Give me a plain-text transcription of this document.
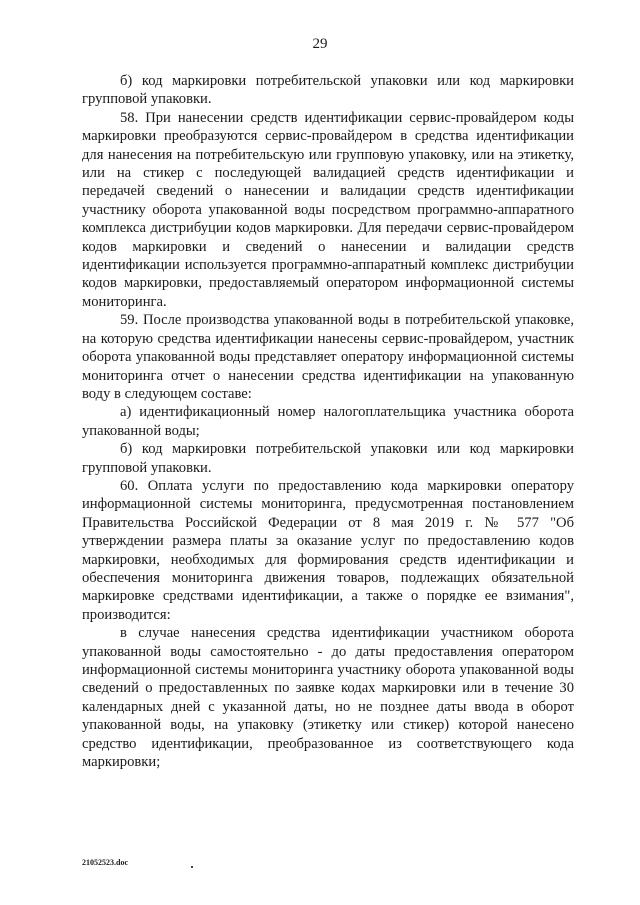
29

б) код маркировки потребительской упаковки или код маркировки групповой упаковки.

58. При нанесении средств идентификации сервис-провайдером коды маркировки преобразуются сервис-провайдером в средства идентификации для нанесения на потребительскую или групповую упаковку, или на этикетку, или на стикер с последующей валидацией средств идентификации и передачей сведений о нанесении и валидации средств идентификации участнику оборота упакованной воды посредством программно-аппаратного комплекса дистрибуции кодов маркировки. Для передачи сервис-провайдером кодов маркировки и сведений о нанесении и валидации средств идентификации используется программно-аппаратный комплекс дистрибуции кодов маркировки, предоставляемый оператором информационной системы мониторинга.

59. После производства упакованной воды в потребительской упаковке, на которую средства идентификации нанесены сервис-провайдером, участник оборота упакованной воды представляет оператору информационной системы мониторинга отчет о нанесении средства идентификации на упакованную воду в следующем составе:

а) идентификационный номер налогоплательщика участника оборота упакованной воды;

б) код маркировки потребительской упаковки или код маркировки групповой упаковки.

60. Оплата услуги по предоставлению кода маркировки оператору информационной системы мониторинга, предусмотренная постановлением Правительства Российской Федерации от 8 мая 2019 г. № 577 "Об утверждении размера платы за оказание услуг по предоставлению кодов маркировки, необходимых для формирования средств идентификации и обеспечения мониторинга движения товаров, подлежащих обязательной маркировке средствами идентификации, а также о порядке ее взимания", производится:

в случае нанесения средства идентификации участником оборота упакованной воды самостоятельно - до даты предоставления оператором информационной системы мониторинга участнику оборота упакованной воды сведений о предоставленных по заявке кодах маркировки или в течение 30 календарных дней с указанной даты, но не позднее даты ввода в оборот упакованной воды, на упаковку (этикетку или стикер) которой нанесено средство идентификации, преобразованное из соответствующего кода маркировки;

21052523.doc
